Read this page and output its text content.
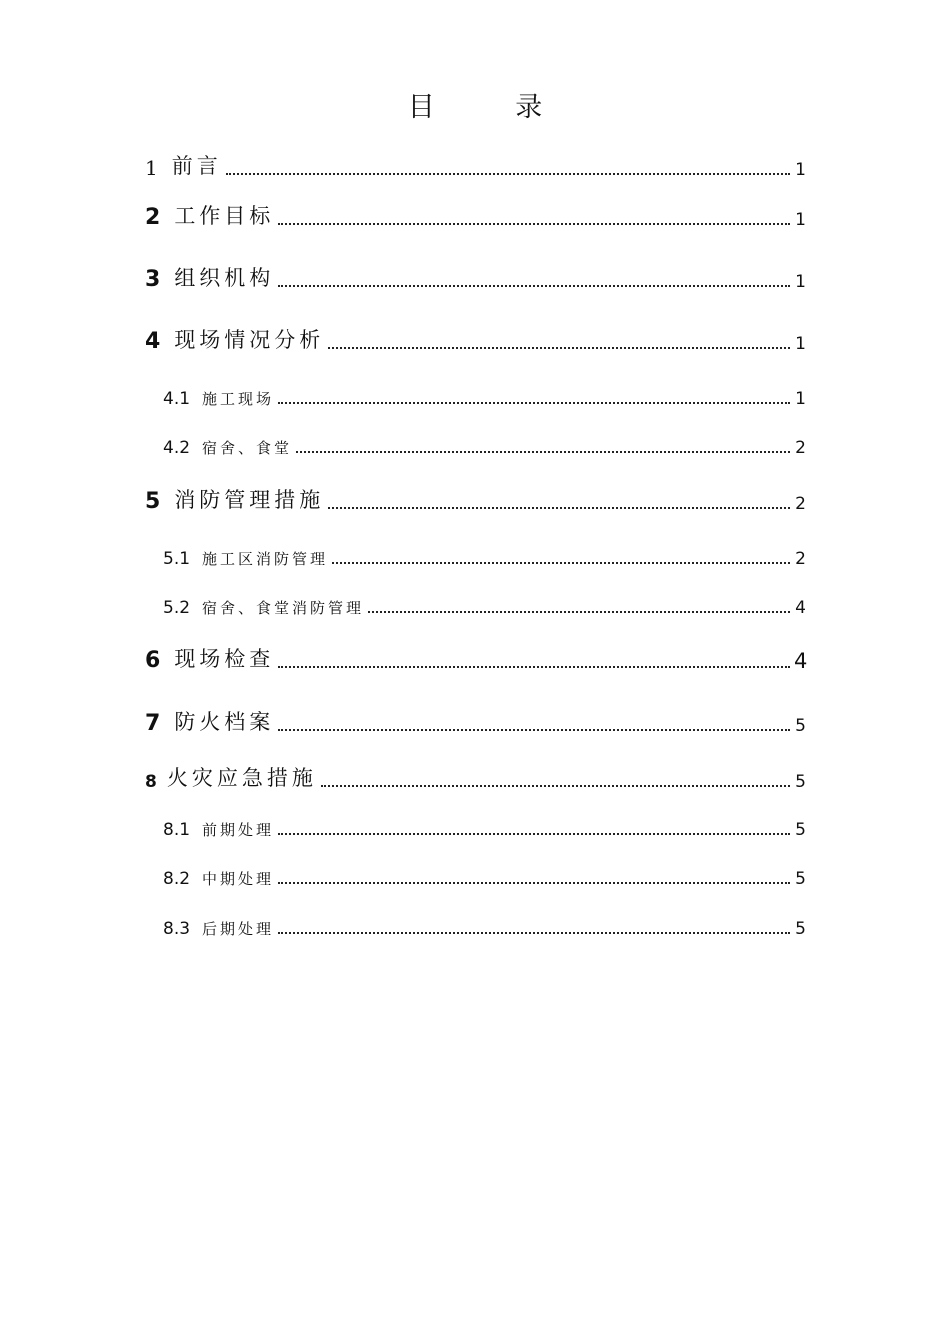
目 录
1 前言	1
2 工作目标	1
3 组织机构	1
4 现场情况分析	1
4.1 施工现场	1
4.2 宿舍、食堂	2
5 消防管理措施	2
5.1 施工区消防管理	2
5.2 宿舍、食堂消防管理	4
6 现场检查	4
7 防火档案	5
8 火灾应急措施	5
8.1 前期处理	5
8.2 中期处理	5
8.3 后期处理	5
